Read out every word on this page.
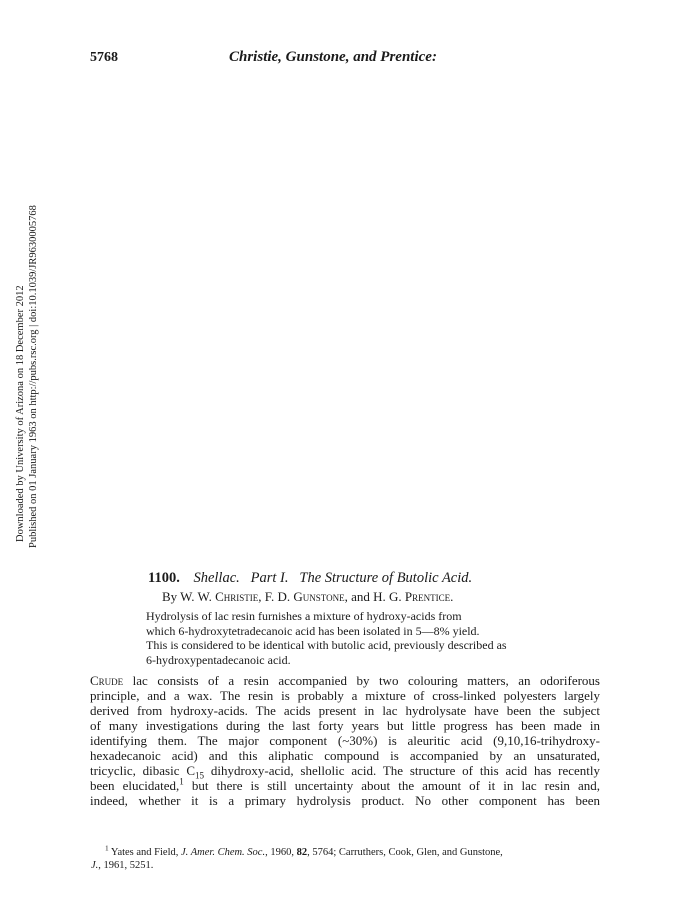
5768	Christie, Gunstone, and Prentice:
Downloaded by University of Arizona on 18 December 2012 Published on 01 January 1963 on http://pubs.rsc.org | doi:10.1039/JR9630005768
1100. Shellac. Part I. The Structure of Butolic Acid.
By W. W. Christie, F. D. Gunstone, and H. G. Prentice.
Hydrolysis of lac resin furnishes a mixture of hydroxy-acids from
which 6-hydroxytetradecanoic acid has been isolated in 5—8% yield.
This is considered to be identical with butolic acid, previously described as
6-hydroxypentadecanoic acid.
Crude lac consists of a resin accompanied by two colouring matters, an odoriferous
principle, and a wax. The resin is probably a mixture of cross-linked polyesters largely
derived from hydroxy-acids. The acids present in lac hydrolysate have been the subject
of many investigations during the last forty years but little progress has been made in
identifying them. The major component (~30%) is aleuritic acid (9,10,16-trihydroxy-
hexadecanoic acid) and this aliphatic compound is accompanied by an unsaturated,
tricyclic, dibasic $C_{15}$ dihydroxy-acid, shellolic acid. The structure of this acid has recently
been elucidated,$^1$ but there is still uncertainty about the amount of it in lac resin and,
indeed, whether it is a primary hydrolysis product. No other component has been
$^1$ Yates and Field, J. Amer. Chem. Soc., 1960, 82, 5764; Carruthers, Cook, Glen, and Gunstone,
J., 1961, 5251.
